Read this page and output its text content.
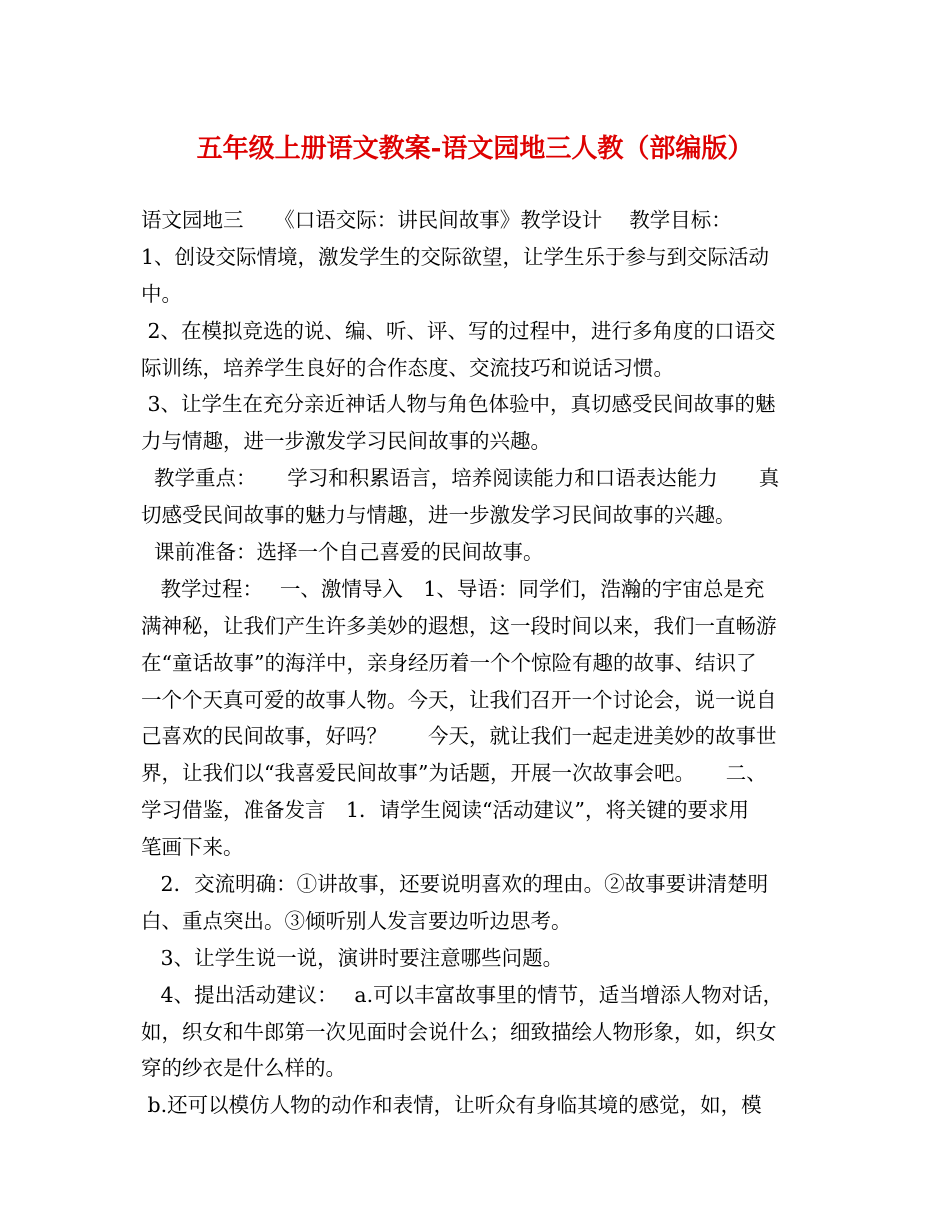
五年级上册语文教案-语文园地三人教（部编版）
语文园地三　　《口语交际：讲民间故事》教学设计　 教学目标：
1、创设交际情境，激发学生的交际欲望，让学生乐于参与到交际活动
中。
2、在模拟竞选的说、编、听、评、写的过程中，进行多角度的口语交
际训练，培养学生良好的合作态度、交流技巧和说话习惯。
3、让学生在充分亲近神话人物与角色体验中，真切感受民间故事的魅
力与情趣，进一步激发学习民间故事的兴趣。
教学重点：　　学习和积累语言，培养阅读能力和口语表达能力　　真
切感受民间故事的魅力与情趣，进一步激发学习民间故事的兴趣。
课前准备：选择一个自己喜爱的民间故事。
教学过程：　 一、激情导入　1、导语：同学们，浩瀚的宇宙总是充
满神秘，让我们产生许多美妙的遐想，这一段时间以来，我们一直畅游
在“童话故事”的海洋中，亲身经历着一个个惊险有趣的故事、结识了
一个个天真可爱的故事人物。今天，让我们召开一个讨论会，说一说自
己喜欢的民间故事，好吗？　　今天，就让我们一起走进美妙的故事世
界，让我们以“我喜爱民间故事”为话题，开展一次故事会吧。　　二、
学习借鉴，准备发言　1．请学生阅读“活动建议”，将关键的要求用
笔画下来。
2．交流明确：①讲故事，还要说明喜欢的理由。②故事要讲清楚明
白、重点突出。③倾听别人发言要边听边思考。
3、让学生说一说，演讲时要注意哪些问题。
4、提出活动建议：　 a.可以丰富故事里的情节，适当增添人物对话，
如，织女和牛郎第一次见面时会说什么；细致描绘人物形象，如，织女
穿的纱衣是什么样的。
b.还可以模仿人物的动作和表情，让听众有身临其境的感觉，如，模
